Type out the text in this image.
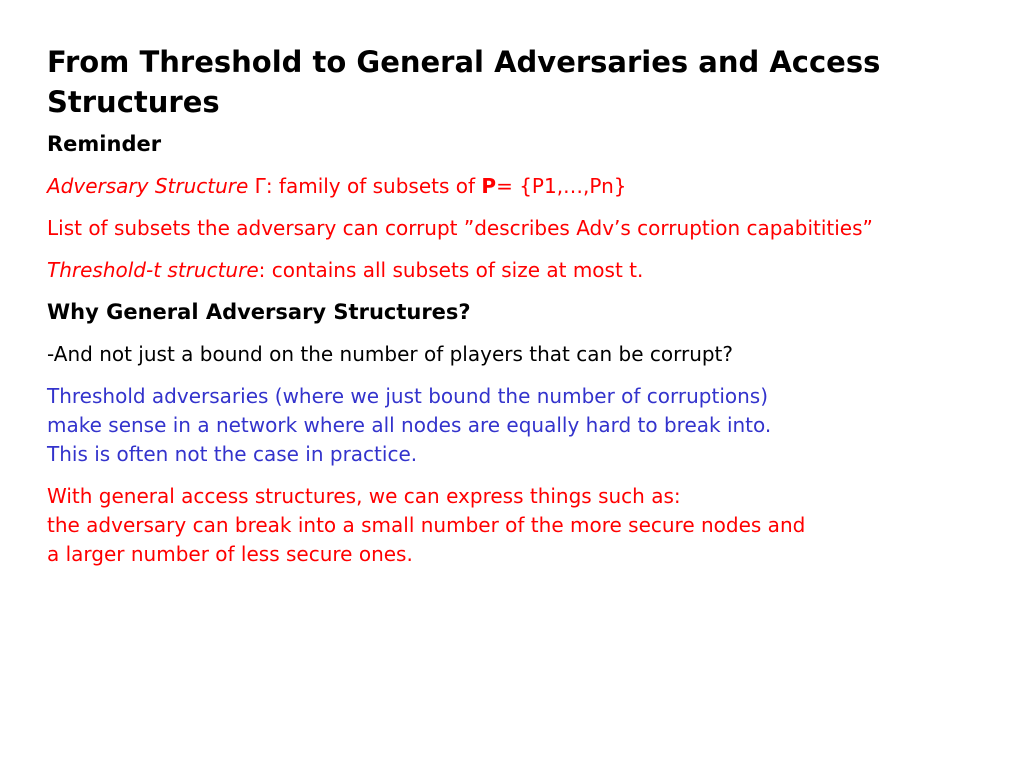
From Threshold to General Adversaries and Access Structures
Reminder
Adversary Structure Γ: family of subsets of P= {P1,…,Pn}
List of subsets the adversary can corrupt ”describes Adv’s corruption capabitities”
Threshold-t structure: contains all subsets of size at most t.
Why General Adversary Structures?
-And not just a bound on the number of players that can be corrupt?
Threshold adversaries (where we just bound the number of corruptions)
make sense in a network where all nodes are equally hard to break into.
This is often not the case in practice.
With general access structures, we can express things such as:
the adversary can break into a small number of the more secure nodes and
a larger number of less secure ones.
